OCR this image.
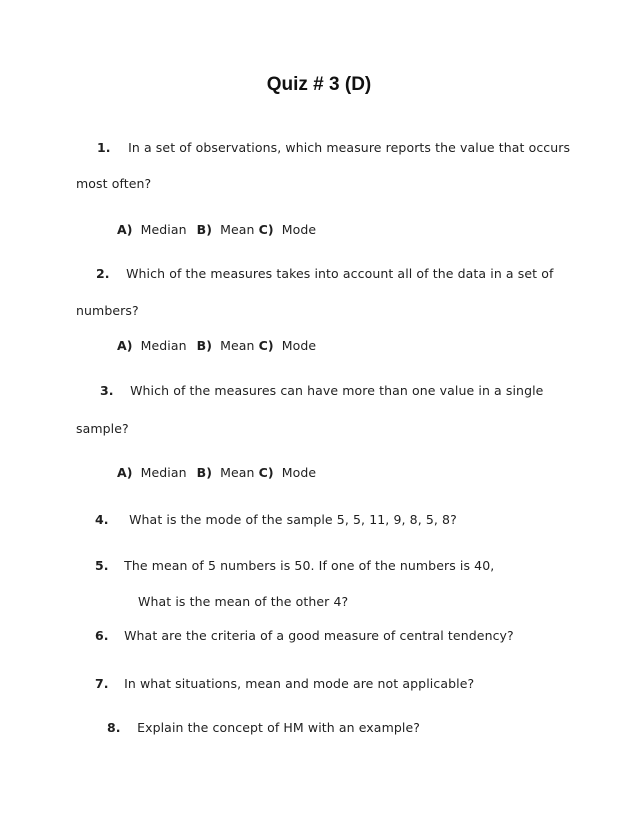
Quiz # 3 (D)
1. In a set of observations, which measure reports the value that occurs
most often?
A) Median B) Mean C) Mode
2. Which of the measures takes into account all of the data in a set of
numbers?
A) Median B) Mean C) Mode
3. Which of the measures can have more than one value in a single
sample?
A) Median B) Mean C) Mode
4. What is the mode of the sample 5, 5, 11, 9, 8, 5, 8?
5. The mean of 5 numbers is 50. If one of the numbers is 40,
What is the mean of the other 4?
6. What are the criteria of a good measure of central tendency?
7. In what situations, mean and mode are not applicable?
8. Explain the concept of HM with an example?
